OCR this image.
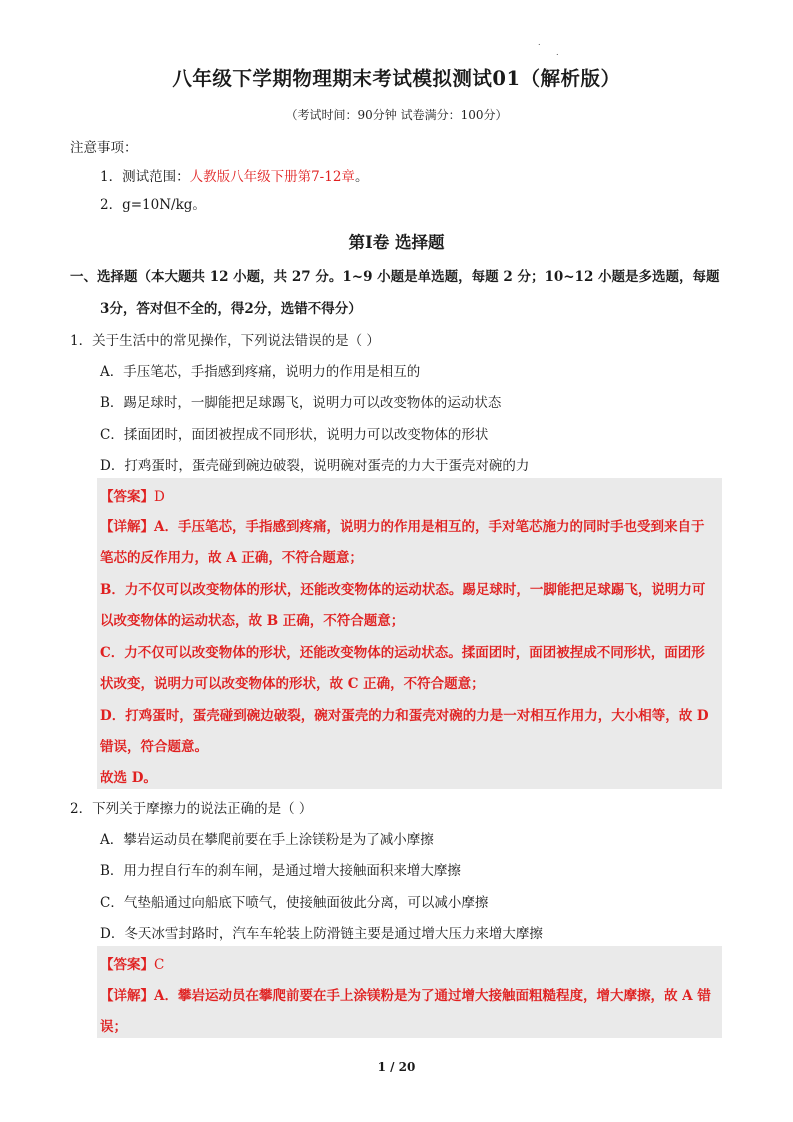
.
.
八年级下学期物理期末考试模拟测试01（解析版）
（考试时间：90分钟 试卷满分：100分）
注意事项：
1．测试范围：人教版八年级下册第7-12章。
2．g=10N/kg。
第Ⅰ卷 选择题
一、选择题（本大题共 12 小题，共 27 分。1~9 小题是单选题，每题 2 分；10~12 小题是多选题，每题
3分，答对但不全的，得2分，选错不得分）
1．关于生活中的常见操作，下列说法错误的是（ ）
A．手压笔芯，手指感到疼痛，说明力的作用是相互的
B．踢足球时，一脚能把足球踢飞，说明力可以改变物体的运动状态
C．揉面团时，面团被捏成不同形状，说明力可以改变物体的形状
D．打鸡蛋时，蛋壳碰到碗边破裂，说明碗对蛋壳的力大于蛋壳对碗的力
【答案】D
【详解】A．手压笔芯，手指感到疼痛，说明力的作用是相互的，手对笔芯施力的同时手也受到来自于
笔芯的反作用力，故 A 正确，不符合题意；
B．力不仅可以改变物体的形状，还能改变物体的运动状态。踢足球时，一脚能把足球踢飞，说明力可
以改变物体的运动状态，故 B 正确，不符合题意；
C．力不仅可以改变物体的形状，还能改变物体的运动状态。揉面团时，面团被捏成不同形状，面团形
状改变，说明力可以改变物体的形状，故 C 正确，不符合题意；
D．打鸡蛋时，蛋壳碰到碗边破裂，碗对蛋壳的力和蛋壳对碗的力是一对相互作用力，大小相等，故 D
错误，符合题意。
故选 D。
2．下列关于摩擦力的说法正确的是（ ）
A．攀岩运动员在攀爬前要在手上涂镁粉是为了减小摩擦
B．用力捏自行车的刹车闸，是通过增大接触面积来增大摩擦
C．气垫船通过向船底下喷气，使接触面彼此分离，可以减小摩擦
D．冬天冰雪封路时，汽车车轮装上防滑链主要是通过增大压力来增大摩擦
【答案】C
【详解】A．攀岩运动员在攀爬前要在手上涂镁粉是为了通过增大接触面粗糙程度，增大摩擦，故 A 错
误；
1 / 20
